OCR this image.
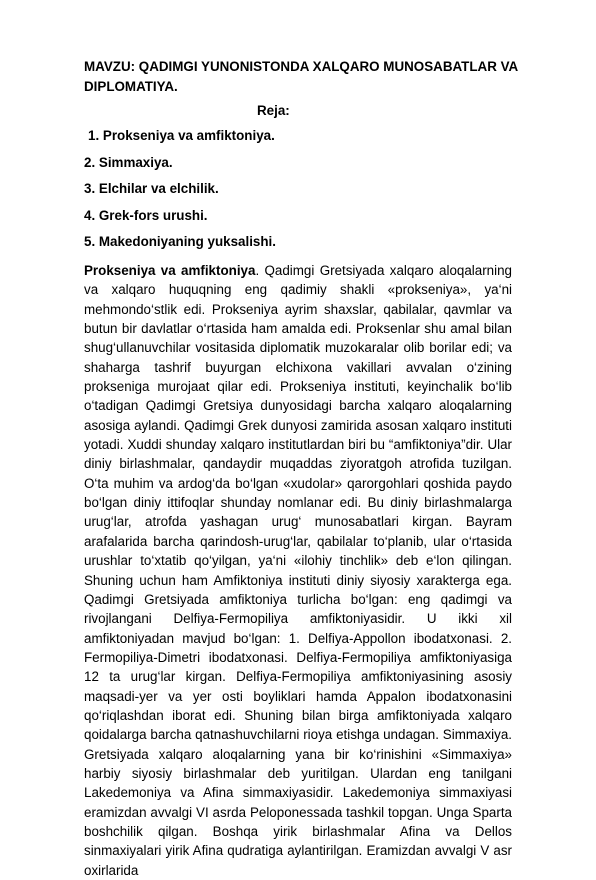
MAVZU: QADIMGI YUNONISTONDA XALQARO MUNOSABATLAR VA DIPLOMATIYA.
Reja:
1. Prokseniya va amfiktoniya.
2. Simmaxiya.
3. Elchilar va elchilik.
4. Grek-fors urushi.
5. Makedoniyaning yuksalishi.

Prokseniya va amfiktoniya. Qadimgi Gretsiyada xalqaro aloqalarning va xalqaro huquqning eng qadimiy shakli «prokseniya», ya‘ni mehmondo‘stlik edi. Prokseniya ayrim shaxslar, qabilalar, qavmlar va butun bir davlatlar o‘rtasida ham amalda edi. Proksenlar shu amal bilan shug‘ullanuvchilar vositasida diplomatik muzokaralar olib borilar edi; va shaharga tashrif buyurgan elchixona vakillari avvalan o‘zining prokseniga murojaat qilar edi. Prokseniya instituti, keyinchalik bo‘lib o‘tadigan Qadimgi Gretsiya dunyosidagi barcha xalqaro aloqalarning asosiga aylandi. Qadimgi Grek dunyosi zamirida asosan xalqaro instituti yotadi. Xuddi shunday xalqaro institutlardan biri bu “amfiktoniya”dir. Ular diniy birlashmalar, qandaydir muqaddas ziyoratgoh atrofida tuzilgan. O‘ta muhim va ardog‘da bo‘lgan «xudolar» qarorgohlari qoshida paydo bo‘lgan diniy ittifoqlar shunday nomlanar edi. Bu diniy birlashmalarga urug‘lar, atrofda yashagan urug‘ munosabatlari kirgan. Bayram arafalarida barcha qarindosh-urug‘lar, qabilalar to‘planib, ular o‘rtasida urushlar to‘xtatib qo‘yilgan, ya‘ni «ilohiy tinchlik» deb e‘lon qilingan. Shuning uchun ham Amfiktoniya instituti diniy siyosiy xarakterga ega. Qadimgi Gretsiyada amfiktoniya turlicha bo‘lgan: eng qadimgi va rivojlangani Delfiya-Fermopiliya amfiktoniyasidir. U ikki xil amfiktoniyadan mavjud bo‘lgan: 1. Delfiya-Appollon ibodatxonasi. 2. Fermopiliya-Dimetri ibodatxonasi. Delfiya-Fermopiliya amfiktoniyasiga 12 ta urug‘lar kirgan. Delfiya-Fermopiliya amfiktoniyasining asosiy maqsadi-yer va yer osti boyliklari hamda Appalon ibodatxonasini qo‘riqlashdan iborat edi. Shuning bilan birga amfiktoniyada xalqaro qoidalarga barcha qatnashuvchilarni rioya etishga undagan. Simmaxiya. Gretsiyada xalqaro aloqalarning yana bir ko‘rinishini «Simmaxiya» harbiy siyosiy birlashmalar deb yuritilgan. Ulardan eng tanilgani Lakedemoniya va Afina simmaxiyasidir. Lakedemoniya simmaxiyasi eramizdan avvalgi VI asrda Peloponessada tashkil topgan. Unga Sparta boshchilik qilgan. Boshqa yirik birlashmalar Afina va Dellos sinmaxiyalari yirik Afina qudratiga aylantirilgan. Eramizdan avvalgi V asr oxirlarida
